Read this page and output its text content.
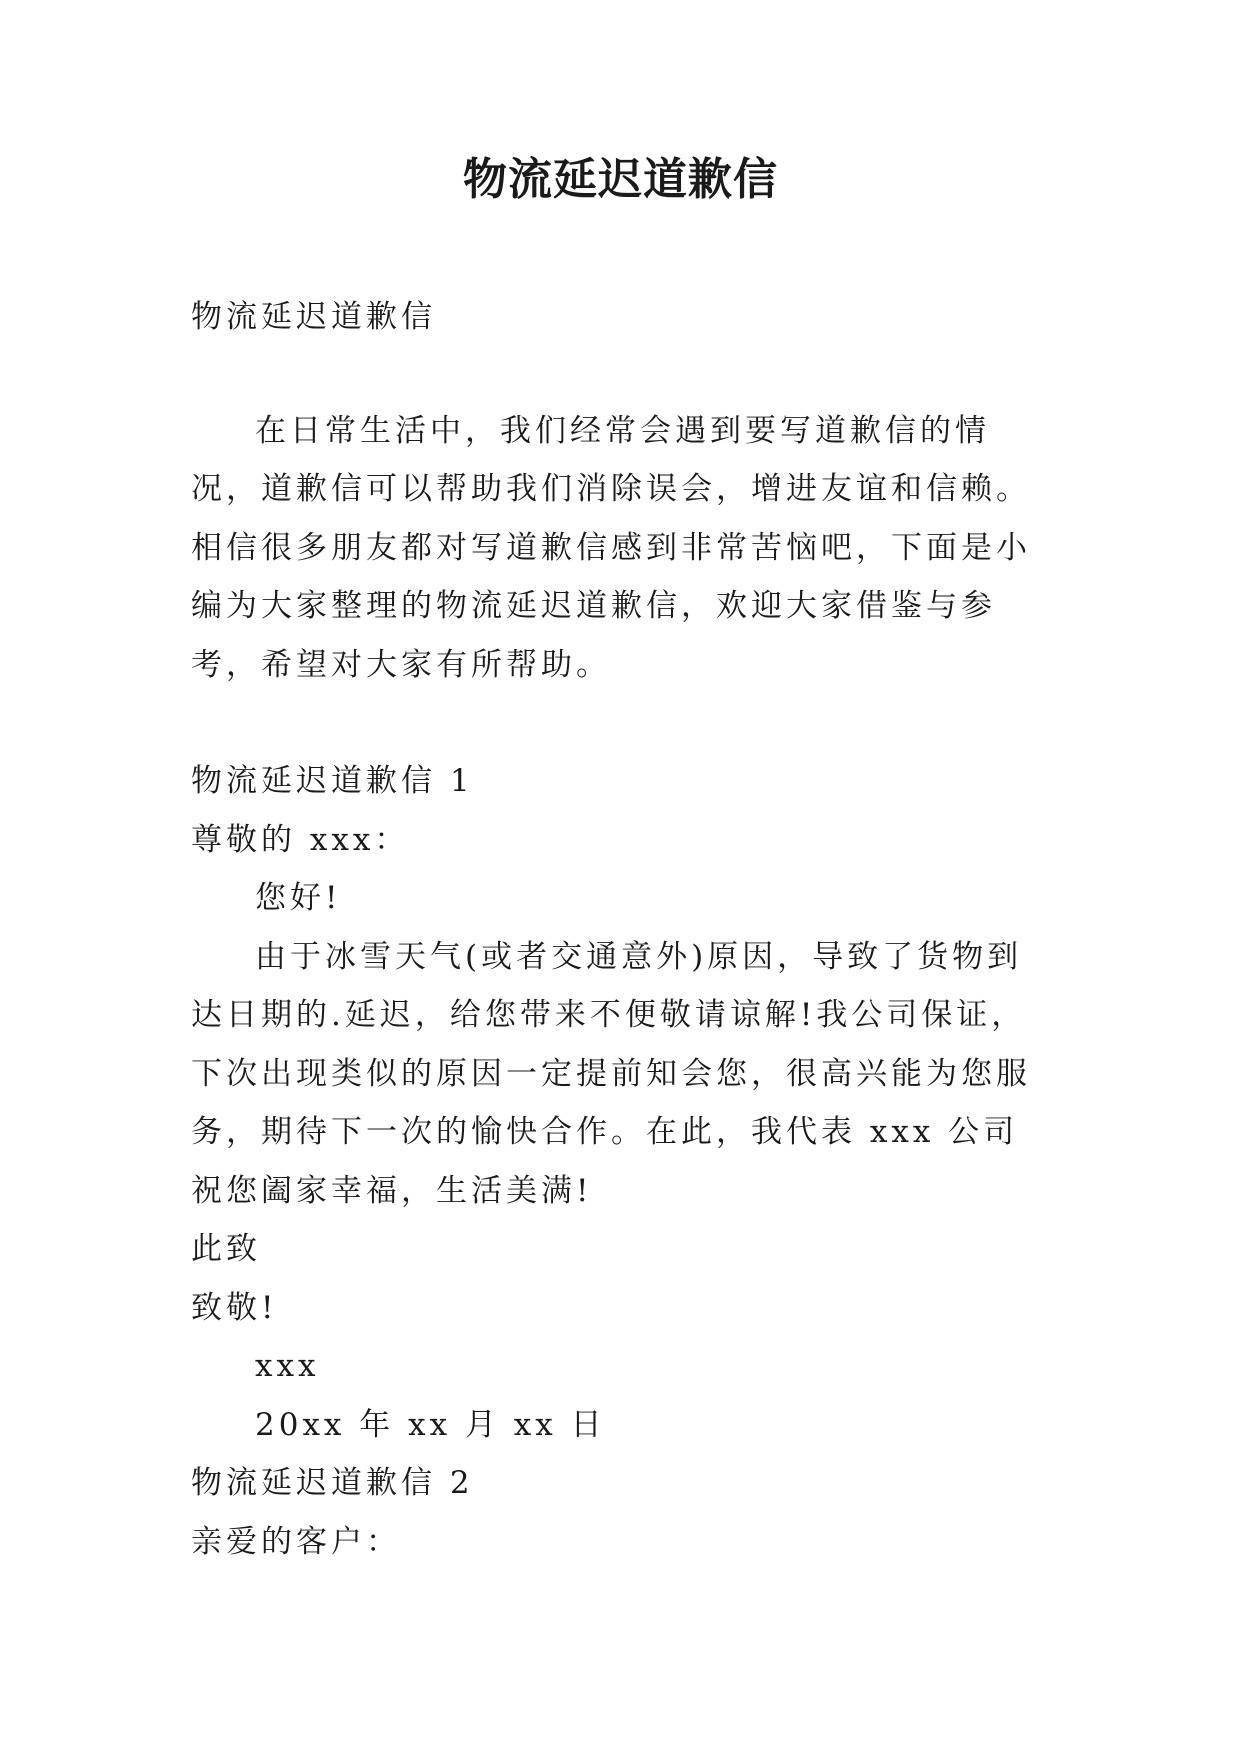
物流延迟道歉信

物流延迟道歉信

在日常生活中，我们经常会遇到要写道歉信的情况，道歉信可以帮助我们消除误会，增进友谊和信赖。相信很多朋友都对写道歉信感到非常苦恼吧，下面是小编为大家整理的物流延迟道歉信，欢迎大家借鉴与参考，希望对大家有所帮助。

物流延迟道歉信 1

尊敬的 xxx：

您好!

由于冰雪天气(或者交通意外)原因，导致了货物到达日期的.延迟，给您带来不便敬请谅解!我公司保证，下次出现类似的原因一定提前知会您，很高兴能为您服务，期待下一次的愉快合作。在此，我代表 xxx 公司祝您阖家幸福，生活美满!

此致

致敬!

xxx

20xx 年 xx 月 xx 日

物流延迟道歉信 2

亲爱的客户：
